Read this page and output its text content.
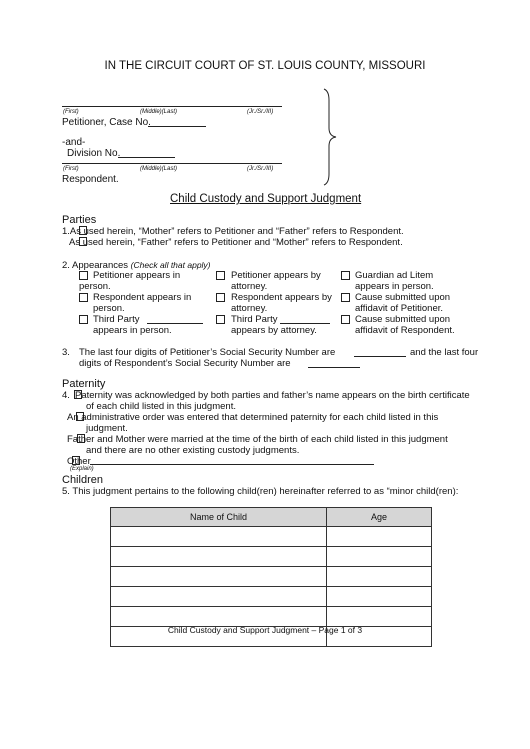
IN THE CIRCUIT COURT OF ST. LOUIS COUNTY, MISSOURI
(First)	(Middle)(Last)	(Jr./Sr./III)
Petitioner, Case No.
-and-
Division No.
(First)	(Middle)(Last)	(Jr./Sr./III)
Respondent.
Child Custody and Support Judgment
Parties
1.As used herein, “Mother” refers to Petitioner and “Father” refers to Respondent.
As used herein, “Father” refers to Petitioner and “Mother” refers to Respondent.
2. Appearances (Check all that apply)
Petitioner appears in
person.
Respondent appears in
person.
Third Party
appears in person.
Petitioner appears by
attorney.
Respondent appears by
attorney.
Third Party
appears by attorney.
Guardian ad Litem
appears in person.
Cause submitted upon
affidavit of Petitioner.
Cause submitted upon
affidavit of Respondent.
3. The last four digits of Petitioner’s Social Security Number are	and the last four
digits of Respondent’s Social Security Number are
Paternity
4. Paternity was acknowledged by both parties and father’s name appears on the birth certificate
of each child listed in this judgment.
An administrative order was entered that determined paternity for each child listed in this
judgment.
Father and Mother were married at the time of the birth of each child listed in this judgment
and there are no other existing custody judgments.
Other
(Explain)
Children
5. This judgment pertains to the following child(ren) hereinafter referred to as “minor child(ren):
Name of Child	Age

Child Custody and Support Judgment – Page 1 of 3
